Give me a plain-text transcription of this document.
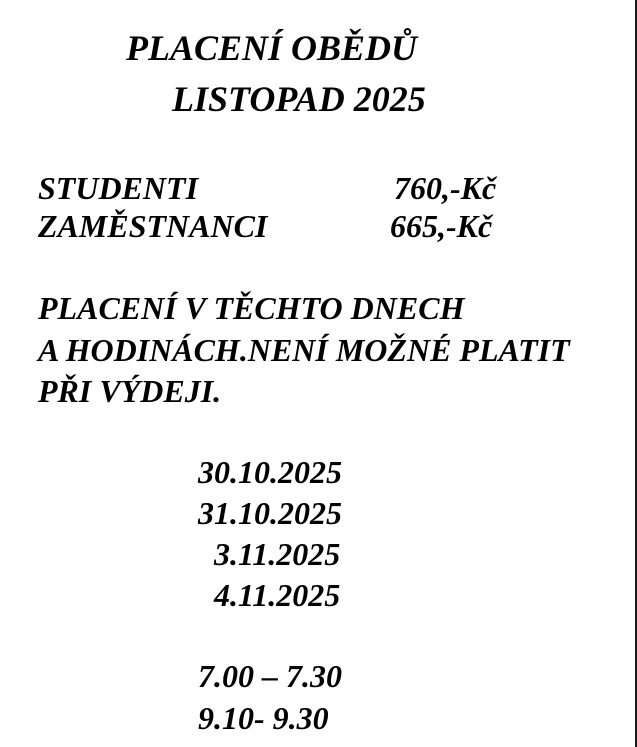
PLACENÍ OBĚDŮ
LISTOPAD 2025
STUDENTI	760,-Kč
ZAMĚSTNANCI	665,-Kč
PLACENÍ V TĚCHTO DNECH
A HODINÁCH.NENÍ MOŽNÉ PLATIT
PŘI VÝDEJI.
30.10.2025
31.10.2025
3.11.2025
4.11.2025
7.00 – 7.30
9.10- 9.30
